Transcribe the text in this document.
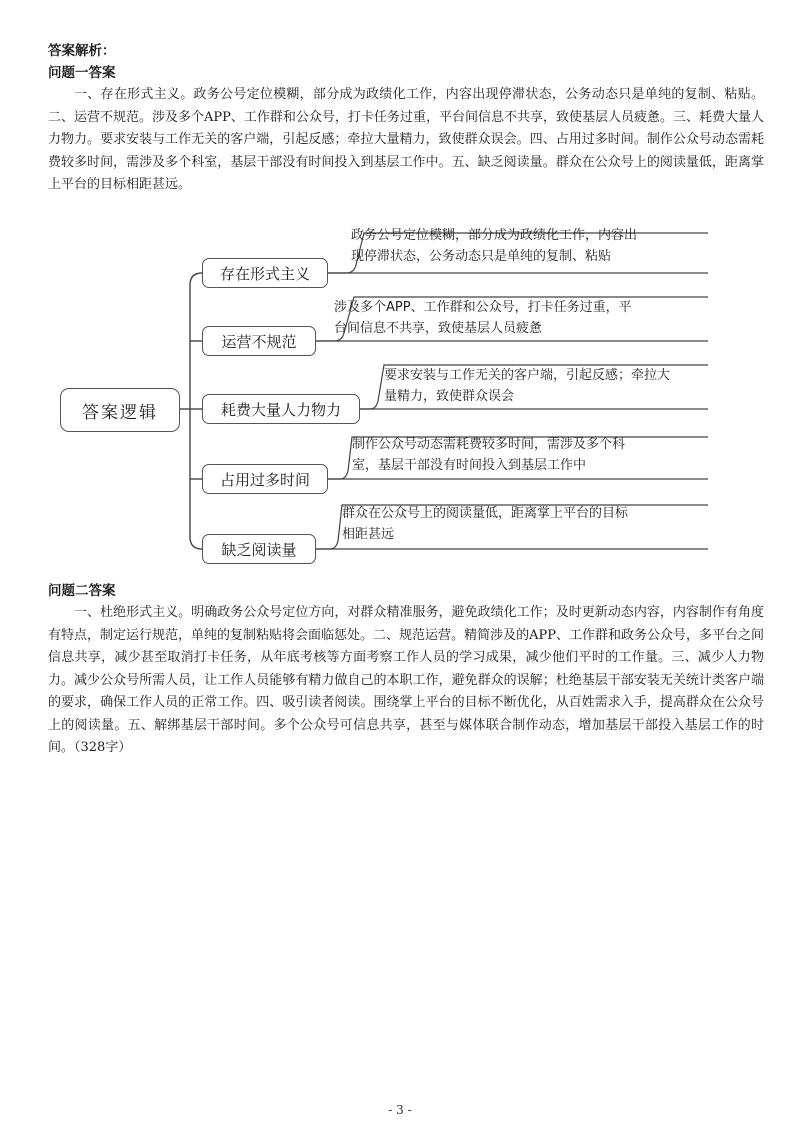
答案解析：

问题一答案

一、存在形式主义。政务公号定位模糊，部分成为政绩化工作，内容出现停滞状态，公务动态只是单纯的复制、粘贴。二、运营不规范。涉及多个APP、工作群和公众号，打卡任务过重，平台间信息不共享，致使基层人员疲惫。三、耗费大量人力物力。要求安装与工作无关的客户端，引起反感；牵拉大量精力，致使群众误会。四、占用过多时间。制作公众号动态需耗费较多时间，需涉及多个科室，基层干部没有时间投入到基层工作中。五、缺乏阅读量。群众在公众号上的阅读量低，距离掌上平台的目标相距甚远。

答案逻辑
存在形式主义
运营不规范
耗费大量人力物力
占用过多时间
缺乏阅读量
政务公号定位模糊，部分成为政绩化工作，内容出
现停滞状态，公务动态只是单纯的复制、粘贴
涉及多个APP、工作群和公众号，打卡任务过重，平
台间信息不共享，致使基层人员疲惫
要求安装与工作无关的客户端，引起反感；牵拉大
量精力，致使群众误会
制作公众号动态需耗费较多时间，需涉及多个科
室，基层干部没有时间投入到基层工作中
群众在公众号上的阅读量低，距离掌上平台的目标
相距甚远

问题二答案

一、杜绝形式主义。明确政务公众号定位方向，对群众精准服务，避免政绩化工作；及时更新动态内容，内容制作有角度有特点，制定运行规范，单纯的复制粘贴将会面临惩处。二、规范运营。精简涉及的APP、工作群和政务公众号，多平台之间信息共享，减少甚至取消打卡任务，从年底考核等方面考察工作人员的学习成果，减少他们平时的工作量。三、减少人力物力。减少公众号所需人员，让工作人员能够有精力做自己的本职工作，避免群众的误解；杜绝基层干部安装无关统计类客户端的要求，确保工作人员的正常工作。四、吸引读者阅读。围绕掌上平台的目标不断优化，从百姓需求入手，提高群众在公众号上的阅读量。五、解绑基层干部时间。多个公众号可信息共享，甚至与媒体联合制作动态，增加基层干部投入基层工作的时间。（328字）

- 3 -
